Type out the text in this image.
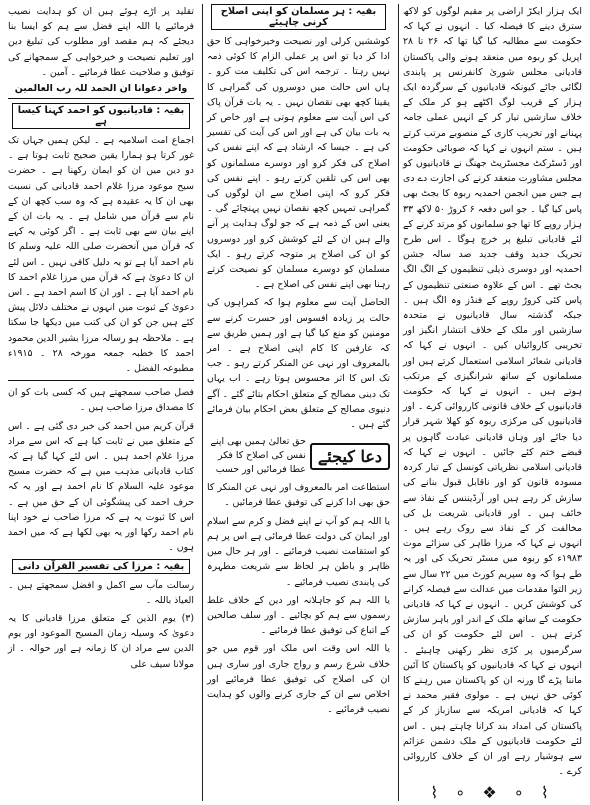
ایک ہزار ایکڑ اراضی پر مقیم لوگوں کو لاکھ سترق دینے کا فیصلہ کیا ۔ انہوں نے کہا کہ حکومت سے مطالبہ کیا گیا تھا کہ ۲۶ تا ۲۸ اپریل کو ربوہ میں منعقد ہونے والی پاکستان قادیانی مجلس شوریٰ کانفرنس پر پابندی لگائی جائے کیونکہ قادیانیوں کے سرگردہ ایک ہزار کے قریب لوگ اکٹھے ہو کر ملک کے خلاف سازشیں تیار کر کے انہیں عملی جامہ پہنانے اور تخریب کاری کے منصوبے مرتب کرتے ہیں ۔ ستم انہوں نے کہا کہ صوبائی حکومت اور ڈسٹرکٹ مجسٹریٹ جھنگ نے قادیانیوں کو مجلس مشاورت منعقد کرنے کی اجازت دے دی ہے جس میں انجمن احمدیہ ربوہ کا بجٹ بھی پاس کیا گیا ۔ جو اس دفعہ ۶ کروڑ ۵۰ لاکھ ۳۳ ہزار روپے کا تھا جو سلمانوں کو مرتد کرنے کے لئے قادیانی تبلیغ پر خرچ ہوگا ۔ اس طرح تحریک جدید وقف جدید صد سالہ جشن احمدیہ اور دوسری ذیلی تنظیموں کے الگ الگ بجٹ تھے ۔ اس کے علاوہ صنعتی تنظیموں کے پاس کئی کروڑ روپے کے فنڈز وہ الگ ہیں ۔ جبکہ گذشتہ سال قادیانیوں نے متحدہ سازشیں اور ملک کے خلاف انتشار انگیز اور تخریبی کاروائیاں کیں ۔ انہوں نے کہا کہ قادیانی شعائر اسلامی استعمال کرتے ہیں اور مسلمانوں کے ساتھ شرانگیزی کے مرتکب ہوتے ہیں ۔ انہوں نے کہا کہ حکومت قادیانیوں کے خلاف قانونی کارروائی کرے ۔ اور قادیانیوں کی مرکزی ربوہ کو کھلا شہر قرار دیا جائے اور وہاں قادیانی عبادت گاہوں پر قبضے ختم کئے جائیں ۔ انہوں نے کہا کہ قادیانی اسلامی نظریاتی کونسل کے تیار کردہ مسودہ قانون کو اور ناقابل قبول بنانے کی سازش کر رہے ہیں اور آرڈیننس کے نفاذ سے خائف ہیں ۔ اور قادیانی شریعت بل کی مخالفت کر کے نفاذ سے روک رہے ہیں ۔ انہوں نے کہا کہ مرزا طاہر کی سزائے موت ۱۹۸۳ء کو ربوہ میں مسٹر تحریک کی اور یہ طے ہوا کہ وہ سپریم کورٹ میں ۲۲ سال سے زیر التوا مقدمات میں عدالت سے فیصلہ کرانے کی کوشش کریں ۔ انہوں نے کہا کہ قادیانی حکومت کے ساتھ ملک کے اندر اور باہر سازش کرتے ہیں ۔ اس لئے حکومت کو ان کی سرگرمیوں پر کڑی نظر رکھنی چاہیئے ۔ انہوں نے کہا کہ قادیانیوں کو پاکستان کا آئین ماننا پڑے گا ورنہ ان کو پاکستان میں رہنے کا کوئی حق نہیں ہے ۔ مولوی فقیر محمد نے کہا کہ قادیانی امریکہ سے سازباز کر کے پاکستان کی امداد بند کرانا چاہتے ہیں ۔ اس لئے حکومت قادیانیوں کے ملک دشمن عزائم سے ہوشیار رہے اور ان کے خلاف کارروائی کرے ۔

⌇ ∘ ❖ ∘ ⌇
بقیہ : ہر مسلمان کو اپنی اصلاح کرنی چاہیئے

کوششیں کرلی اور نصیحت وخیرخواہی کا حق ادا کر دیا تو اس پر عملی الزام کا کوئی ذمہ نہیں رہتا ۔ ترجمہ اس کی تکلیف مت کرو ۔ ہاں اس حالت میں دوسروں کی گمراہی کا یقینا کچھ بھی نقصان نہیں ۔ یہ بات قرآن پاک کی اس آیت سے معلوم ہوتی ہے اور خاص کر یہ بات بیان کی ہے اور اس کی آیت کی تفسیر کی ہے ۔ جیسا کہ ارشاد ہے کہ اپنے نفس کی اصلاح کی فکر کرو اور دوسرے مسلمانوں کو بھی اس کی تلقین کرتے رہو ۔ اپنے نفس کی فکر کرو کہ اپنی اصلاح سے ان لوگوں کی گمراہی تمہیں کچھ نقصان نہیں پہنچائے گی ۔ یعنی اس کے ذمہ ہے کہ جو لوگ ہدایت پر آنے والے ہیں ان کے لئے کوشش کرو اور دوسروں کو ان کی اصلاح پر متوجہ کرتے رہو ۔ ایک مسلمان کو دوسرے مسلمان کو نصیحت کرتے رہنا بھی اپنے نفس کی اصلاح ہے ۔

الحاصل آیت سے معلوم ہوا کہ کمراہوں کی حالت پر زیادہ افسوس اور حسرت کرنے سے مومنین کو منع کیا گیا ہے اور ہمیں طریق سے کہ عارفین کا کام اپنی اصلاح ہے ۔ امر بالمعروف اور نہی عن المنکر کرتے رہو ۔ جب تک اس کا اثر محسوس ہوتا رہے ۔ اب یہاں تک دینی مصالح کے متعلق احکام بتائے گئے ۔ آگے دنیوی مصالح کے متعلق بعض احکام بیان فرمائے گئے ہیں ۔

دعا کیجئے
حق تعالیٰ ہمیں بھی اپنے نفس کی اصلاح کا فکر عطا فرمائیں اور حسب

استطاعت امر بالمعروف اور نہی عن المنکر کا حق بھی ادا کرنے کی توفیق عطا فرمائیں ۔

یا اللہ ہم کو آپ نے اپنے فضل و کرم سے اسلام اور ایمان کی دولت عطا فرمائی ہے اس پر ہم کو استقامت نصیب فرمائیے ۔ اور ہر حال میں ظاہر و باطن ہر لحاظ سے شریعت مطہرہ کی پابندی نصیب فرمائیے ۔

یا اللہ ہم کو جاہلانہ اور دین کے خلاف غلط رسموں سے ہم کو بچائیے ۔ اور سلف صالحین کے اتباع کی توفیق عطا فرمائیے ۔

یا اللہ اس وقت اس ملک اور قوم میں جو خلاف شرع رسم و رواج جاری اور ساری ہیں ان کی اصلاح کی توفیق عطا فرمائیے اور اخلاص سے ان کے جاری کرنے والوں کو ہدایت نصیب فرمائیے ۔

تقلید پر اڑے ہوئے ہیں ان کو ہدایت نصیب فرمائیے یا اللہ اپنے فضل سے ہم کو ایسا بنا دیجئے کہ ہم مقصد اور مطلوب کی تبلیغ دین اور تعلیم نصیحت و خیرخواہی کے سمجھانے کی توفیق و صلاحیت عطا فرمائیے ۔ آمین ۔

واخر دعوانا ان الحمد للہ رب العالمین
بقیہ : قادیانیوں کو احمد کہنا کیسا ہے

اجماع امت اسلامیہ ہے ۔ لیکن ہمیں جہاں تک غور کرتا ہو ہمارا یقین صحیح ثابت ہوتا ہے ۔ دو دین میں ان کو ایمان رکھنا ہے ۔ حضرت سیح موعود مرزا غلام احمد قادیانی کی نسبت بھی ان کا یہ عقیدہ ہے کہ وہ سب کچھ ان کے نام سے قرآن میں شامل ہے ۔ یہ بات ان کے اپنے بیان سے بھی ثابت ہے ۔ اگر کوئی یہ کہے کہ قرآن میں آنحضرت صلی اللہ علیہ وسلم کا نام احمد آیا ہے تو یہ دلیل کافی نہیں ۔ اس لئے ان کا دعویٰ ہے کہ قرآن میں مرزا غلام احمد کا نام احمد آیا ہے ۔ اور ان کا اسم احمد ہے ۔ اس دعویٰ کے ثبوت میں انہوں نے مختلف دلائل پیش کئے ہیں جن کو ان کی کتب میں دیکھا جا سکتا ہے ۔ ملاحظہ ہو رسالہ مرزا بشیر الدین محمود احمد کا خطبہ جمعہ مورخہ ۲۸ ۔ ۱۹۱۵ء مطبوعہ الفضل ۔

فصل صاحب سمجھتے ہیں کہ کسی بات کو ان کا مصداق مرزا صاحب ہیں ۔

قرآن کریم میں احمد کی خبر دی گئی ہے ۔ اس کے متعلق میں نے ثابت کیا ہے کہ اس سے مراد مرزا غلام احمد ہیں ۔ اس لئے کہا گیا ہے کہ کتاب قادیانی مذہب میں ہے کہ حضرت مسیح موعود علیہ السلام کا نام احمد ہے اور یہ کہ حرف احمد کی پیشگوئی ان کے حق میں ہے ۔ اس کا ثبوت یہ ہے کہ مرزا صاحب نے خود اپنا نام احمد رکھا اور یہ بھی لکھا ہے کہ میں احمد ہوں ۔

بقیہ : مرزا کی تفسیر القرآن دانی

رسالت مآب سے اکمل و افضل سمجھتے ہیں ۔ العیاذ باللہ ۔

(۳) یوم الذین کے متعلق مرزا قادیانی کا یہ دعویٰ کہ وسیلہ زمان المسیح الموعود اور یوم الدین سے مراد ان کا زمانہ ہے اور حوالہ ۔ از مولانا سیف علی
